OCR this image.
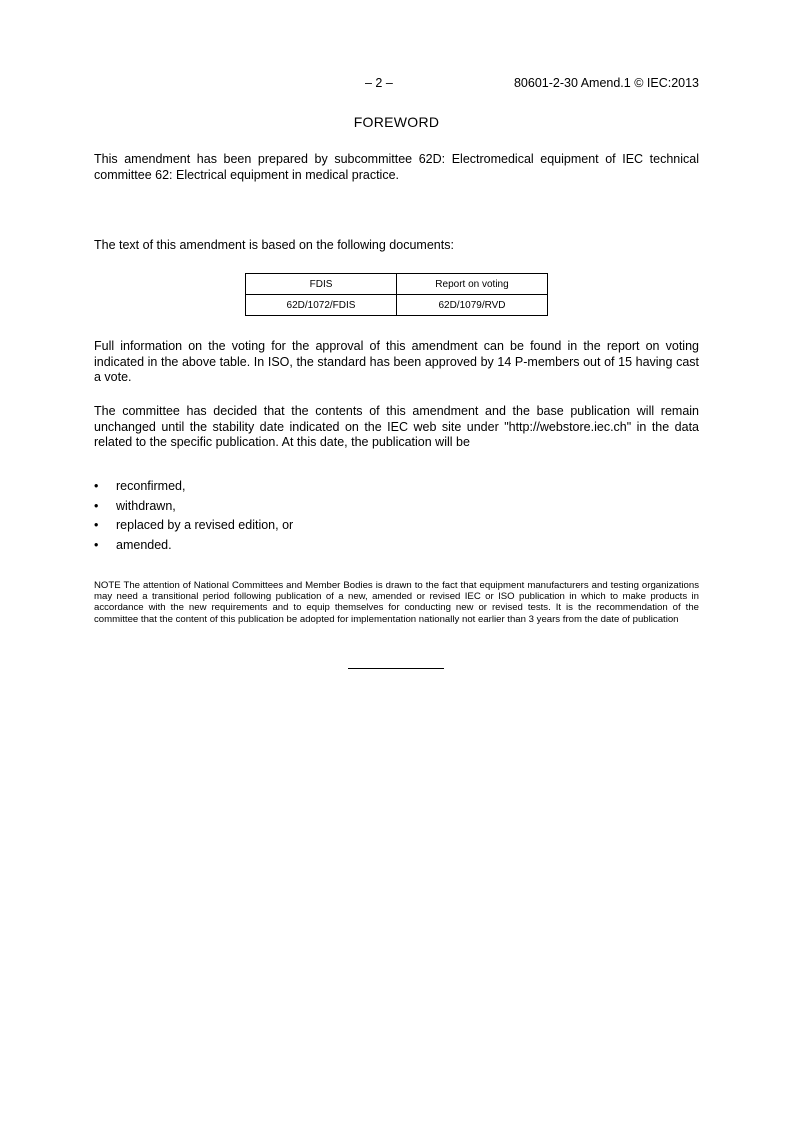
– 2 –	80601-2-30 Amend.1 © IEC:2013
FOREWORD
This amendment has been prepared by subcommittee 62D: Electromedical equipment of IEC technical committee 62: Electrical equipment in medical practice.
The text of this amendment is based on the following documents:
FDIS	Report on voting
62D/1072/FDIS	62D/1079/RVD
Full information on the voting for the approval of this amendment can be found in the report on voting indicated in the above table. In ISO, the standard has been approved by 14 P-members out of 15 having cast a vote.
The committee has decided that the contents of this amendment and the base publication will remain unchanged until the stability date indicated on the IEC web site under "http://webstore.iec.ch" in the data related to the specific publication. At this date, the publication will be
• reconfirmed,
• withdrawn,
• replaced by a revised edition, or
• amended.
NOTE The attention of National Committees and Member Bodies is drawn to the fact that equipment manufacturers and testing organizations may need a transitional period following publication of a new, amended or revised IEC or ISO publication in which to make products in accordance with the new requirements and to equip themselves for conducting new or revised tests. It is the recommendation of the committee that the content of this publication be adopted for implementation nationally not earlier than 3 years from the date of publication
